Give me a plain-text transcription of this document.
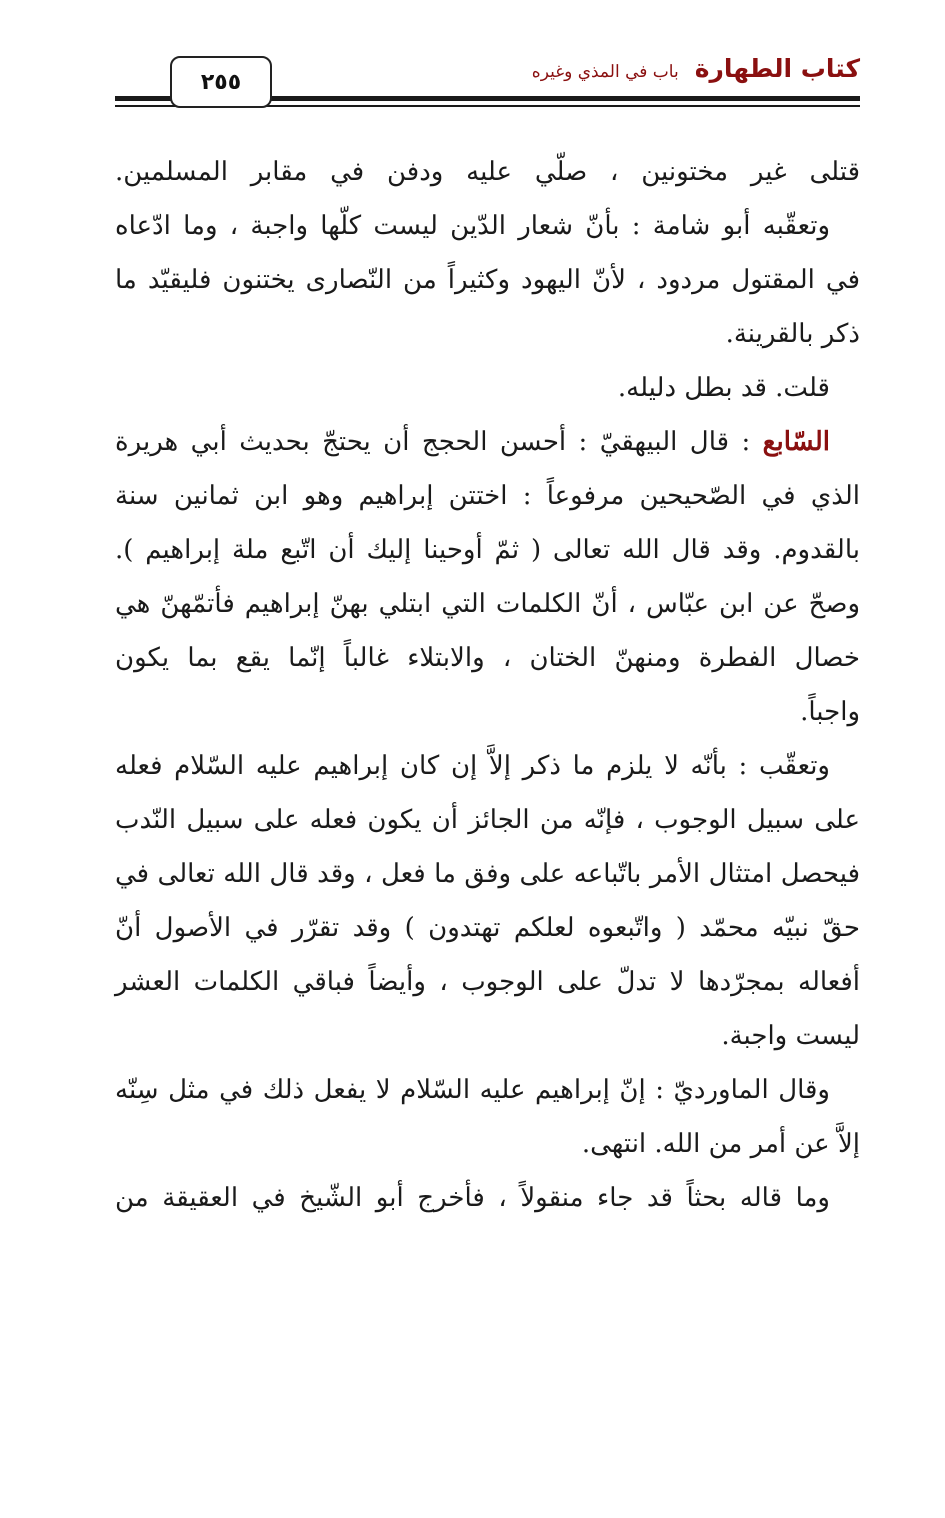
كتاب الطهارة
باب في المذي وغيره
٢٥٥
قتلى غير مختونين ، صلّي عليه ودفن في مقابر المسلمين.
وتعقّبه أبو شامة : بأنّ شعار الدّين ليست كلّها واجبة ، وما ادّعاه
في المقتول مردود ، لأنّ اليهود وكثيراً من النّصارى يختنون فليقيّد ما
ذكر بالقرينة.
قلت. قد بطل دليله.
السّابع : قال البيهقيّ : أحسن الحجج أن يحتجّ بحديث أبي هريرة
الذي في الصّحيحين مرفوعاً : اختتن إبراهيم وهو ابن ثمانين سنة
بالقدوم. وقد قال الله تعالى ( ثمّ أوحينا إليك أن اتّبع ملة إبراهيم ).
وصحّ عن ابن عبّاس ، أنّ الكلمات التي ابتلي بهنّ إبراهيم فأتمّهنّ هي
خصال الفطرة ومنهنّ الختان ، والابتلاء غالباً إنّما يقع بما يكون
واجباً.
وتعقّب : بأنّه لا يلزم ما ذكر إلاَّ إن كان إبراهيم عليه السّلام فعله
على سبيل الوجوب ، فإنّه من الجائز أن يكون فعله على سبيل النّدب
فيحصل امتثال الأمر باتّباعه على وفق ما فعل ، وقد قال الله تعالى في
حقّ نبيّه محمّد ( واتّبعوه لعلكم تهتدون ) وقد تقرّر في الأصول أنّ
أفعاله بمجرّدها لا تدلّ على الوجوب ، وأيضاً فباقي الكلمات العشر
ليست واجبة.
وقال الماورديّ : إنّ إبراهيم عليه السّلام لا يفعل ذلك في مثل سِنّه
إلاَّ عن أمر من الله. انتهى.
وما قاله بحثاً قد جاء منقولاً ، فأخرج أبو الشّيخ في العقيقة من
